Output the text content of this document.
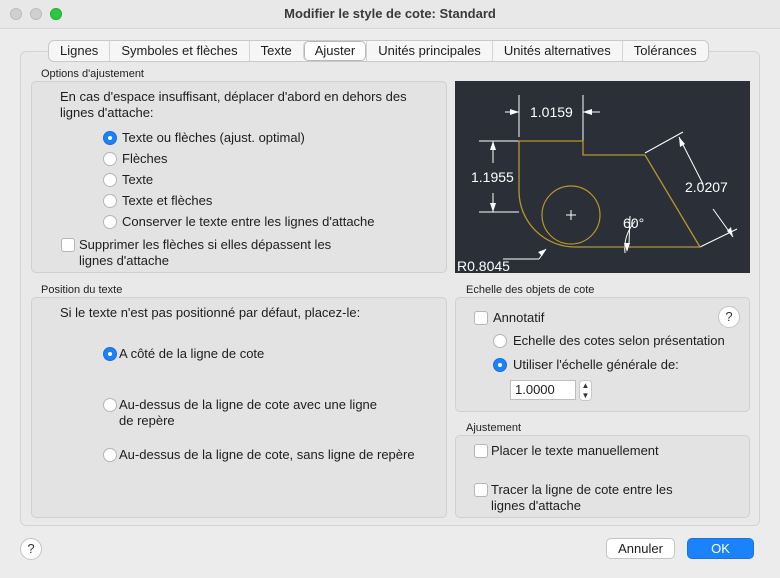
Modifier le style de cote: Standard
Lignes	Symboles et flèches	Texte	Ajuster	Unités principales	Unités alternatives	Tolérances
Options d'ajustement
En cas d'espace insuffisant, déplacer d'abord en dehors des
lignes d'attache:
Texte ou flèches (ajust. optimal)
Flèches
Texte
Texte et flèches
Conserver le texte entre les lignes d'attache
Supprimer les flèches si elles dépassent les
lignes d'attache
1.0159
1.1955
2.0207
60°
R0.8045
Position du texte
Si le texte n'est pas positionné par défaut, placez-le:
A côté de la ligne de cote
Au-dessus de la ligne de cote avec une ligne
de repère
Au-dessus de la ligne de cote, sans ligne de repère
Echelle des objets de cote
Annotatif	?
Echelle des cotes selon présentation
Utiliser l'échelle générale de:
1.0000	▲
▼
Ajustement
Placer le texte manuellement
Tracer la ligne de cote entre les
lignes d'attache
?	Annuler	OK
